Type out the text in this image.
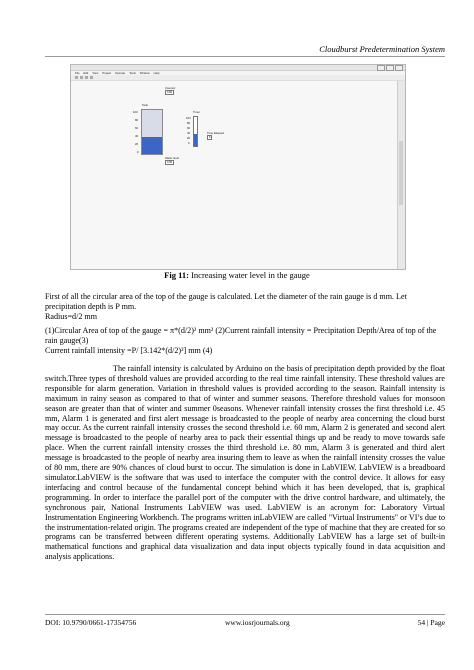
Cloudburst Predetermination System
File Edit View Project Operate Tools Window Help
Intensity
0.00
Tank
100
80
60
40
20
0
Timer
100
80
60
40
20
0
Time Elapsed
0
Water level
0.00
Fig 11: Increasing water level in the gauge

First of all the circular area of the top of the gauge is calculated. Let the diameter of the rain gauge is d mm. Let precipitation depth is P mm.

Radius=d/2 mm

(1)Circular Area of top of the gauge = π*(d/2)² mm² (2)Current rainfall intensity = Precipitation Depth/Area of top of the rain gauge(3)

Current rainfall intensity =P/ [3.142*(d/2)²] mm (4)

The rainfall intensity is calculated by Arduino on the basis of precipitation depth provided by the float switch.Three types of threshold values are provided according to the real time rainfall intensity. These threshold values are responsible for alarm generation. Variation in threshold values is provided according to the season. Rainfall intensity is maximum in rainy season as compared to that of winter and summer seasons. Therefore threshold values for monsoon season are greater than that of winter and summer 0seasons. Whenever rainfall intensity crosses the first threshold i.e. 45 mm, Alarm 1 is generated and first alert message is broadcasted to the people of nearby area concerning the cloud burst may occur. As the current rainfall intensity crosses the second threshold i.e. 60 mm, Alarm 2 is generated and second alert message is broadcasted to the people of nearby area to pack their essential things up and be ready to move towards safe place. When the current rainfall intensity crosses the third threshold i.e. 80 mm, Alarm 3 is generated and third alert message is broadcasted to the people of nearby area insuring them to leave as when the rainfall intensity crosses the value of 80 mm, there are 90% chances of cloud burst to occur. The simulation is done in LabVIEW. LabVIEW is a breadboard simulator.LabVIEW is the software that was used to interface the computer with the control device. It allows for easy interfacing and control because of the fundamental concept behind which it has been developed, that is, graphical programming. In order to interface the parallel port of the computer with the drive control hardware, and ultimately, the synchronous pair, National Instruments LabVIEW was used. LabVIEW is an acronym for: Laboratory Virtual Instrumentation Engineering Workbench. The programs written inLabVIEW are called "Virtual Instruments" or VI’s due to the instrumentation-related origin. The programs created are independent of the type of machine that they are created for so programs can be transferred between different operating systems. Additionally LabVIEW has a large set of built-in mathematical functions and graphical data visualization and data input objects typically found in data acquisition and analysis applications.

DOI: 10.9790/0661-17354756	www.iosrjournals.org	54 | Page
